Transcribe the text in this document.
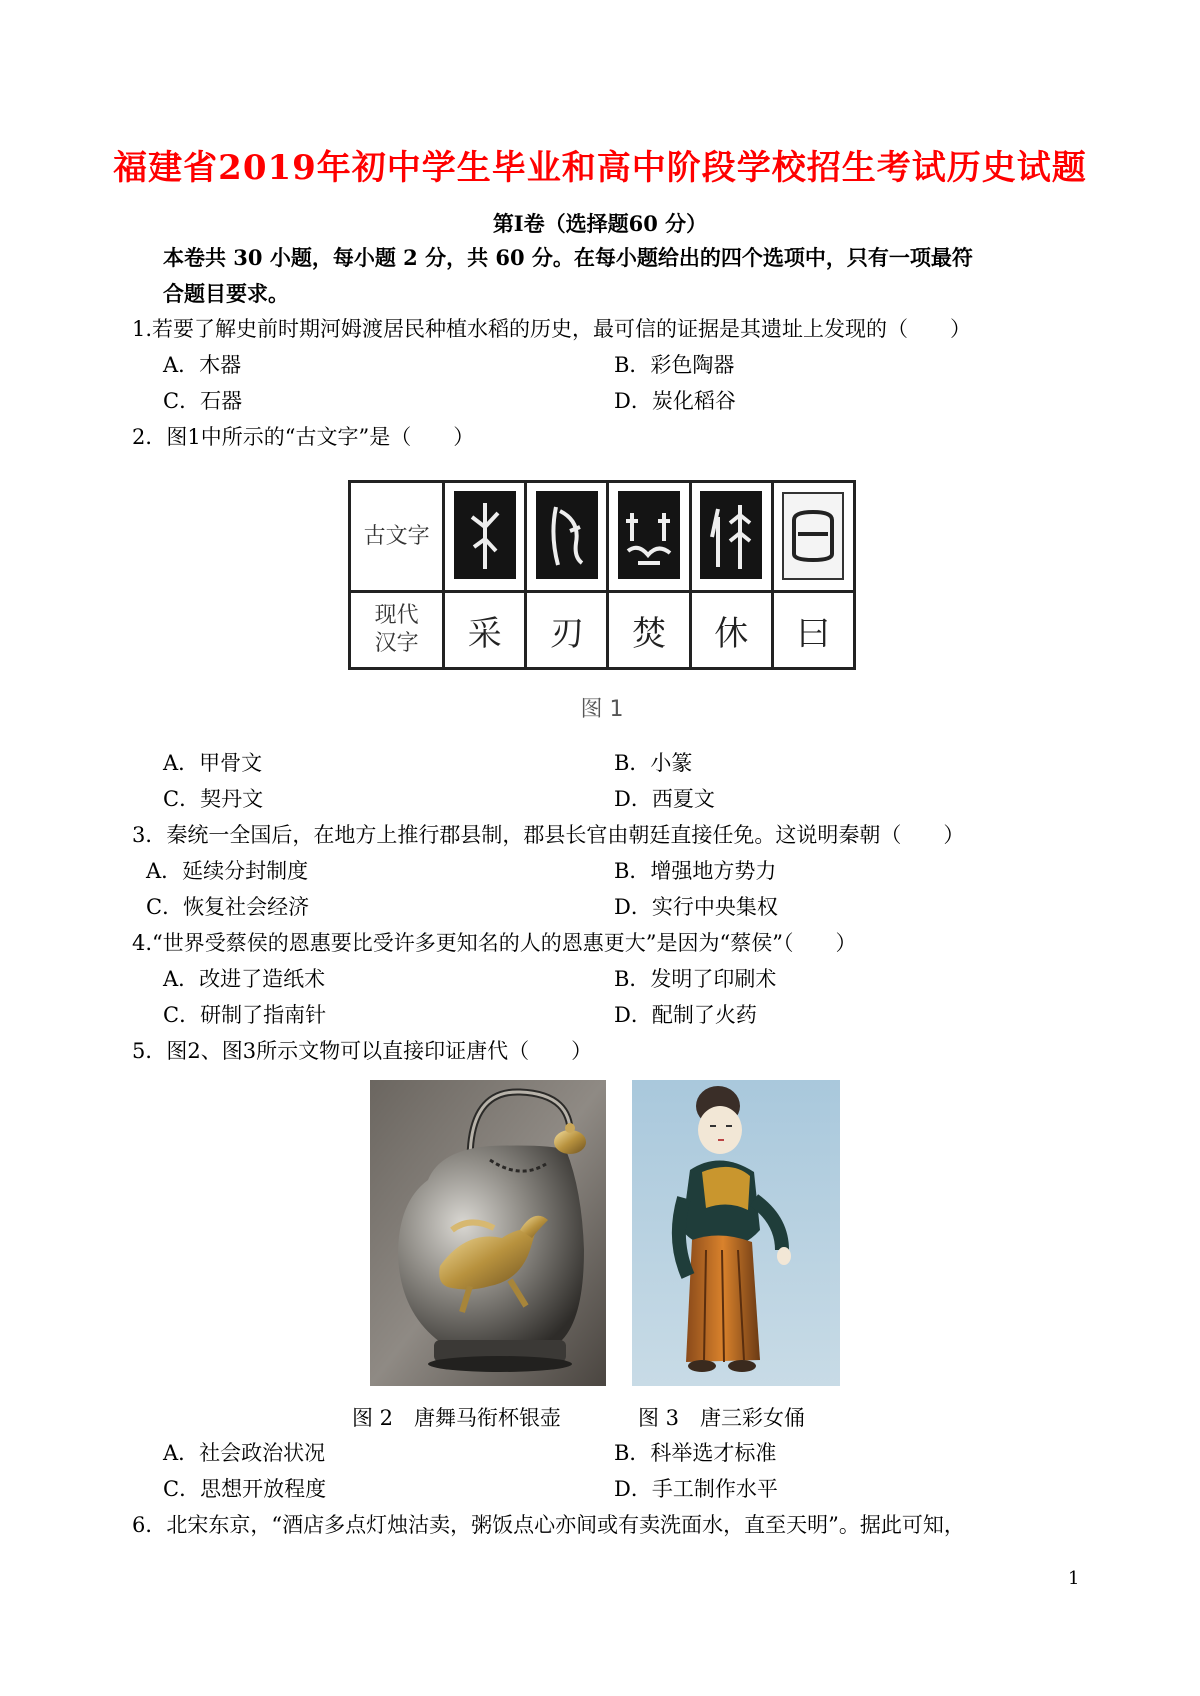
福建省2019年初中学生毕业和高中阶段学校招生考试历史试题
第Ⅰ卷（选择题60 分）
本卷共 30 小题，每小题 2 分，共 60 分。在每小题给出的四个选项中，只有一项最符
合题目要求。
1.若要了解史前时期河姆渡居民种植水稻的历史，最可信的证据是其遗址上发现的（　　）
A．木器	B．彩色陶器
C．石器	D．炭化稻谷
2．图1中所示的“古文字”是（　　）
古文字					

现代
汉字	采	刃	焚	休	曰
图 1
A．甲骨文	B．小篆
C．契丹文	D．西夏文
3．秦统一全国后，在地方上推行郡县制，郡县长官由朝廷直接任免。这说明秦朝（　　）
A．延续分封制度	B．增强地方势力
C．恢复社会经济	D．实行中央集权
4.“世界受蔡侯的恩惠要比受许多更知名的人的恩惠更大”是因为“蔡侯”（　　）
A．改进了造纸术	B．发明了印刷术
C．研制了指南针	D．配制了火药
5．图2、图3所示文物可以直接印证唐代（　　）
图 2　唐舞马衔杯银壶	图 3　唐三彩女俑
A．社会政治状况	B．科举选才标准
C．思想开放程度	D．手工制作水平
6．北宋东京，“酒店多点灯烛沽卖，粥饭点心亦间或有卖洗面水，直至天明”。据此可知，
1
